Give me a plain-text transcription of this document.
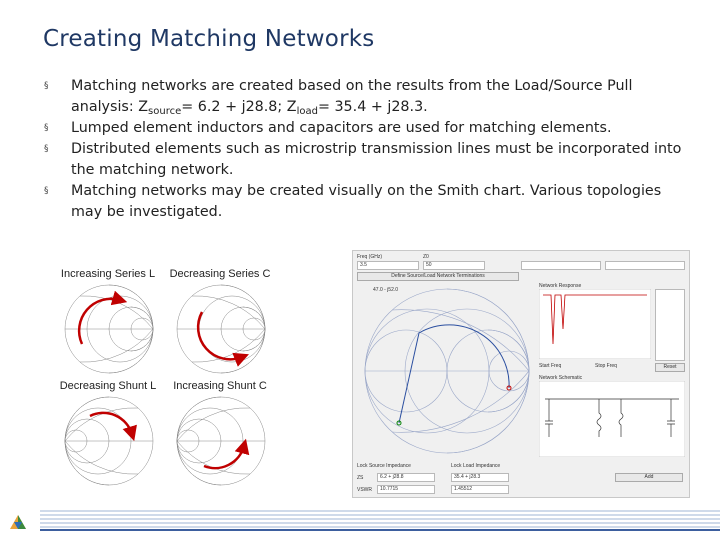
Creating Matching Networks
§ Matching networks are created based on the results from the Load/Source Pull analysis: $Z_{source}= 6.2 + j28.8$; $Z_{load}= 35.4 + j28.3$.
§ Lumped element inductors and capacitors are used for matching elements.
§ Distributed elements such as microstrip transmission lines must be incorporated into the matching network.
§ Matching networks may be created visually on the Smith chart. Various topologies may be investigated.
Increasing Series L	Decreasing Series C
Decreasing Shunt L	Increasing Shunt C
Freq (GHz)
3.5
Z0
50
Define Source/Load Network Terminations
47.0 - j52.0
Network Response
Start Freq	Stop Freq	Reset
Network Schematic
Lock Source Impedance	Lock Load Impedance
ZS	6.2 + j28.8	35.4 + j28.3
VSWR 10.7715	1.45512
Add
